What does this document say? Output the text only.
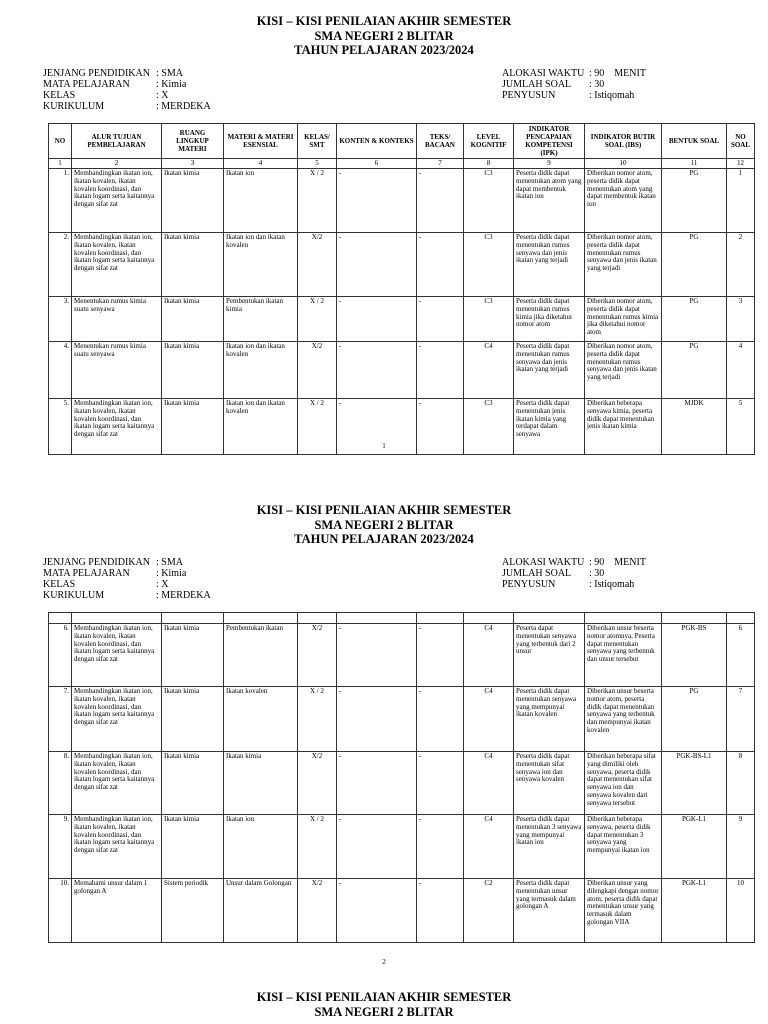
KISI – KISI PENILAIAN AKHIR SEMESTER

SMA NEGERI 2 BLITAR

TAHUN PELAJARAN 2023/2024

JENJANG PENDIDIKAN : SMA
MATA PELAJARAN	: Kimia
KELAS	: X
KURIKULUM	: MERDEKA
ALOKASI WAKTU : 90    MENIT
JUMLAH SOAL	: 30
PENYUSUN	: Istiqomah
NO	ALUR TUJUAN PEMBELAJARAN	RUANG LINGKUP MATERI	MATERI & MATERI ESENSIAL	KELAS/ SMT	KONTEN & KONTEKS	TEKS/ BACAAN	LEVEL KOGNITIF	INDIKATOR PENCAPAIAN KOMPETENSI (IPK)	INDIKATOR BUTIR SOAL (IBS)	BENTUK SOAL	NO SOAL
1	2	3	4	5	6	7	8	9	10	11	12
1.	Membandingkan ikatan ion, ikatan kovalen, ikatan kovalen koordinasi, dan ikatan logam serta kaitannya dengan sifat zat	Ikatan kimia	Ikatan ion	X / 2	-	-	C3	Peserta didik dapat menentukan atom yang dapat membentuk ikatan ion	Diberikan nomor atom, peserta didik dapat menentukan atom yang dapat membentuk ikatan ion	PG	1
2.	Membandingkan ikatan ion, ikatan kovalen, ikatan kovalen koordinasi, dan ikatan logam serta kaitannya dengan sifat zat	Ikatan kimia	Ikatan ion dan ikatan kovalen	X/2	-	-	C3	Peserta didik dapat menentukan rumus senyawa dan jenis ikatan yang terjadi	Diberikan nomor atom, peserta didik dapat menentukan rumus senyawa dan jenis ikatan yang terjadi	PG	2
3.	Menentukan rumus kimia suatu senyawa	Ikatan kimia	Pembentukan ikatan kimia	X / 2	-	-	C3	Peserta didik dapat menentukan rumus kimia jika diketahui nomor atom	Diberikan nomor atom, peserta didik dapat menentukan rumus kimia jika diketahui nomor atom	PG	3
4.	Menentukan rumus kimia suatu senyawa	Ikatan kimia	Ikatan ion dan ikatan kovalen	X/2	-	-	C4	Peserta didik dapat menentukan rumus senyawa dan jenis ikatan yang terjadi	Diberikan nomor atom, peserta didik dapat menentukan rumus senyawa dan jenis ikatan yang terjadi	PG	4
5.	Membandingkan ikatan ion, ikatan kovalen, ikatan kovalen koordinasi, dan ikatan logam serta kaitannya dengan sifat zat	Ikatan kimia	Ikatan ion dan ikatan kovalen	X / 2	-	-	C3	Peserta didik dapat menentukan jenis ikatan kimia yang terdapat dalam senyawa	Diberikan beberapa senyawa kimia, peserta didik dapat menentukan jenis ikatan kimia	MJDK	5
1

KISI – KISI PENILAIAN AKHIR SEMESTER

SMA NEGERI 2 BLITAR

TAHUN PELAJARAN 2023/2024

JENJANG PENDIDIKAN : SMA
MATA PELAJARAN	: Kimia
KELAS	: X
KURIKULUM	: MERDEKA
ALOKASI WAKTU : 90    MENIT
JUMLAH SOAL	: 30
PENYUSUN	: Istiqomah

6.	Membandingkan ikatan ion, ikatan kovalen, ikatan kovalen koordinasi, dan ikatan logam serta kaitannya dengan sifat zat	Ikatan kimia	Pembentukan ikatan	X/2	-	-	C4	Peserta dapat menentukan senyawa yang terbentuk dari 2 unsur	Diberikan unsur beserta nomor atomnya, Peserta dapat menentukan senyawa yang terbentuk dan unsur tersebut	PGK-BS	6
7.	Membandingkan ikatan ion, ikatan kovalen, ikatan kovalen koordinasi, dan ikatan logam serta kaitannya dengan sifat zat	Ikatan kimia	Ikatan kovalen	X / 2	-	-	C4	Peserta didik dapat menentukan senyawa yang mempunyai ikatan kovalen	Diberikan unsur beserta nomor atom, peserta didik dapat menentukan senyawa yang terbentuk dan mempunyai ikatan kovalen	PG	7
8.	Membandingkan ikatan ion, ikatan kovalen, ikatan kovalen koordinasi, dan ikatan logam serta kaitannya dengan sifat zat	Ikatan kimia	Ikatan kimia	X/2	-	-	C4	Peserta didik dapat menentukan sifat senyawa ion dan senyawa kovalen	Diberikan beberapa sifat yang dimiliki oleh senyawa, peserta didik dapat menentukan sifat senyawa ion dan senyawa kovalen dari senyawa tersebut	PGK-BS-L1	8
9.	Membandingkan ikatan ion, ikatan kovalen, ikatan kovalen koordinasi, dan ikatan logam serta kaitannya dengan sifat zat	Ikatan kimia	Ikatan ion	X / 2	-	-	C4	Peserta didik dapat menentukan 3 senyawa yang mempunyai ikatan ion	Diberikan beberapa senyawa, peserta didik dapat menentukan 3 senyawa yang mempunyai ikatan ion	PGK-L1	9
10.	Memahami unsur dalam 1 golongan A	Sistem periodik	Unsur dalam Golongan	X/2	-	-	C2	Peserta didik dapat menentukan unsur yang termasuk dalam golongan A	Diberikan unsur yang dilengkapi dengan nomor atom, peserta didik dapat menentukan unsur yang termasuk dalam golongan VIIA	PGK-L1	10
2

KISI – KISI PENILAIAN AKHIR SEMESTER

SMA NEGERI 2 BLITAR
